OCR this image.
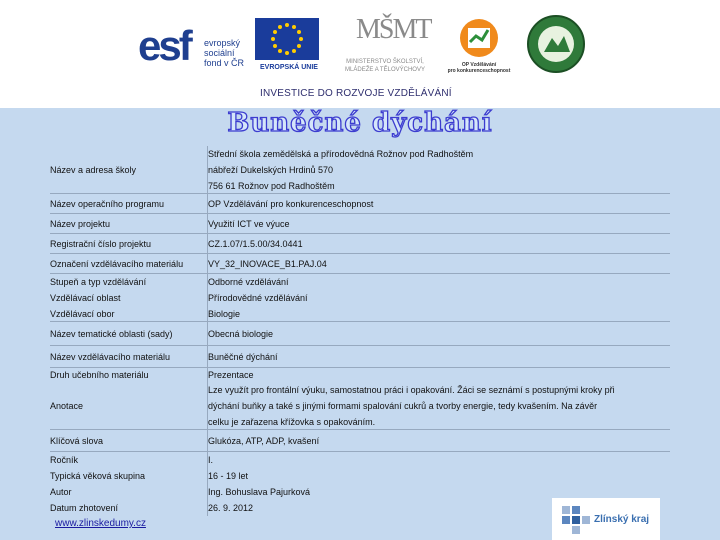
esf evropský
sociální
fond v ČR	EVROPSKÁ UNIE
MŠMT
MINISTERSTVO ŠKOLSTVÍ,
MLÁDEŽE A TĚLOVÝCHOVY
OP Vzdělávání
pro konkurenceschopnost
INVESTICE DO ROZVOJE VZDĚLÁVÁNÍ
Buněčné dýchání
Název a adresa školy
Střední škola zemědělská a přírodovědná Rožnov pod Radhoštěm
nábřeží Dukelských Hrdinů 570
756 61 Rožnov pod Radhoštěm
Název operačního programu	OP Vzdělávání pro konkurenceschopnost
Název projektu	Využití ICT ve výuce
Registrační číslo projektu	CZ.1.07/1.5.00/34.0441
Označení vzdělávacího materiálu	VY_32_INOVACE_B1.PAJ.04
Stupeň a typ vzdělávání	Odborné vzdělávání
Vzdělávací oblast	Přírodovědné vzdělávání
Vzdělávací obor	Biologie
Název tematické oblasti (sady)	Obecná biologie
Název vzdělávacího materiálu	Buněčné dýchání
Druh učebního materiálu	Prezentace
Anotace
Lze využít pro frontální výuku, samostatnou práci i opakování. Žáci se seznámí s postupnými kroky při
dýchání buňky a také s jinými formami spalování cukrů a tvorby energie, tedy kvašením. Na závěr
celku je zařazena křížovka s opakováním.
Klíčová slova	Glukóza, ATP, ADP, kvašení
Ročník	I.
Typická věková skupina	16 - 19 let
Autor	Ing. Bohuslava Pajurková
Datum zhotovení	26. 9. 2012
www.zlinskedumy.cz	Zlínský kraj
